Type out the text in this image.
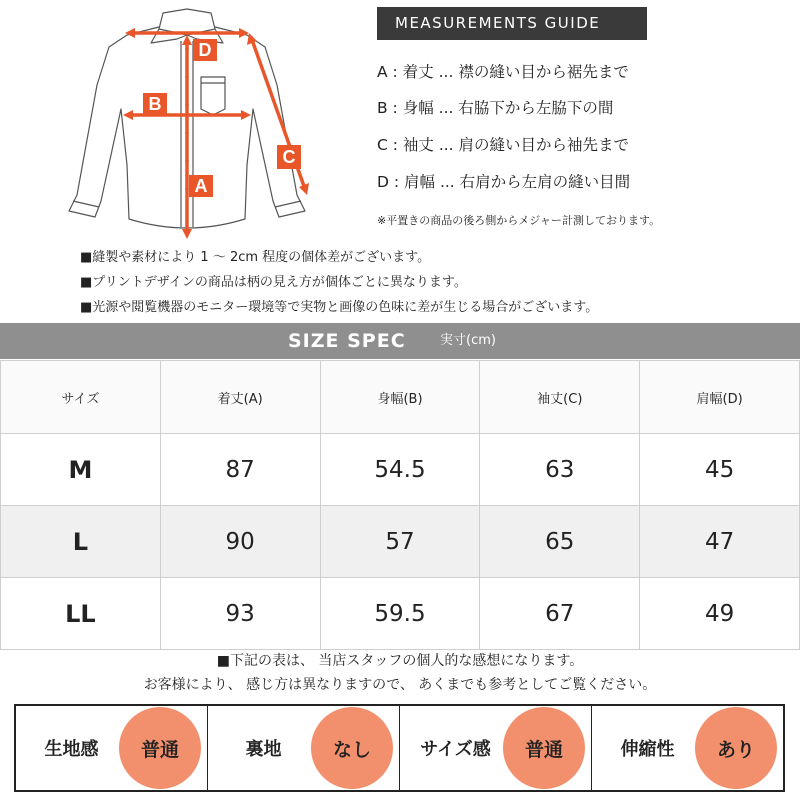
D
B
A
C
MEASUREMENTS GUIDE
A : 着丈 ... 襟の縫い目から裾先まで
B : 身幅 ... 右脇下から左脇下の間
C : 袖丈 ... 肩の縫い目から袖先まで
D : 肩幅 ... 右肩から左肩の縫い目間
※平置きの商品の後ろ側からメジャー計測しております。
■縫製や素材により 1 ～ 2cm 程度の個体差がございます。
■プリントデザインの商品は柄の見え方が個体ごとに異なります。
■光源や閲覧機器のモニター環境等で実物と画像の色味に差が生じる場合がございます。
SIZE SPEC	実寸(cm)
サイズ	着丈(A)	身幅(B)	袖丈(C)	肩幅(D)
M	87	54.5	63	45
L	90	57	65	47
LL	93	59.5	67	49
■下記の表は、 当店スタッフの個人的な感想になります。
お客様により、 感じ方は異なりますので、 あくまでも参考としてご覧ください。
生地感	普通	裏地	なし	サイズ感	普通	伸縮性	あり
